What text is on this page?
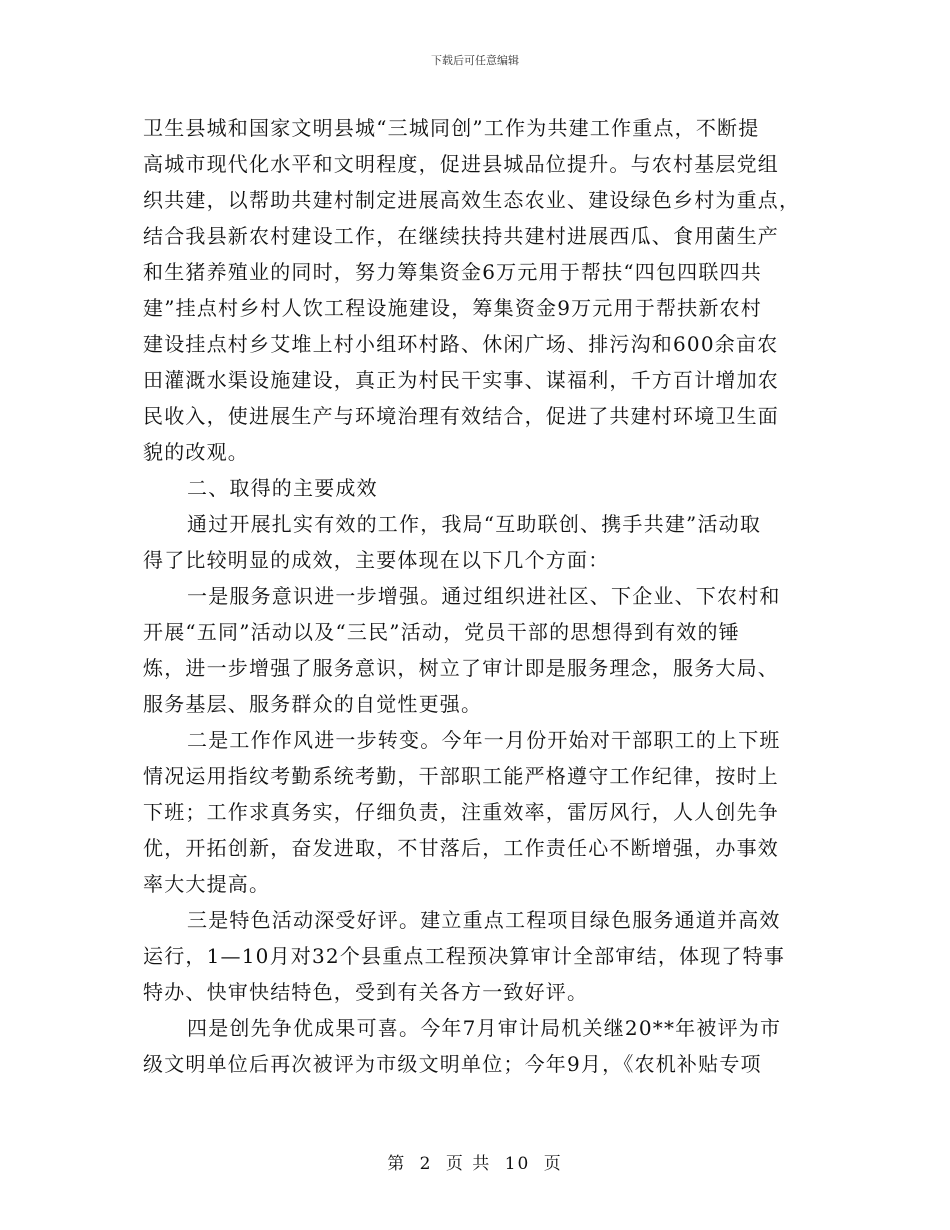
下载后可任意编辑
卫生县城和国家文明县城“三城同创”工作为共建工作重点，不断提
高城市现代化水平和文明程度，促进县城品位提升。与农村基层党组
织共建，以帮助共建村制定进展高效生态农业、建设绿色乡村为重点，
结合我县新农村建设工作，在继续扶持共建村进展西瓜、食用菌生产
和生猪养殖业的同时，努力筹集资金6万元用于帮扶“四包四联四共
建”挂点村乡村人饮工程设施建设，筹集资金9万元用于帮扶新农村
建设挂点村乡艾堆上村小组环村路、休闲广场、排污沟和600余亩农
田灌溉水渠设施建设，真正为村民干实事、谋福利，千方百计增加农
民收入，使进展生产与环境治理有效结合，促进了共建村环境卫生面
貌的改观。
二、取得的主要成效
通过开展扎实有效的工作，我局“互助联创、携手共建”活动取
得了比较明显的成效，主要体现在以下几个方面：
一是服务意识进一步增强。通过组织进社区、下企业、下农村和
开展“五同”活动以及“三民”活动，党员干部的思想得到有效的锤
炼，进一步增强了服务意识，树立了审计即是服务理念，服务大局、
服务基层、服务群众的自觉性更强。
二是工作作风进一步转变。今年一月份开始对干部职工的上下班
情况运用指纹考勤系统考勤，干部职工能严格遵守工作纪律，按时上
下班；工作求真务实，仔细负责，注重效率，雷厉风行，人人创先争
优，开拓创新，奋发进取，不甘落后，工作责任心不断增强，办事效
率大大提高。
三是特色活动深受好评。建立重点工程项目绿色服务通道并高效
运行，1—10月对32个县重点工程预决算审计全部审结，体现了特事
特办、快审快结特色，受到有关各方一致好评。
四是创先争优成果可喜。今年7月审计局机关继20**年被评为市
级文明单位后再次被评为市级文明单位；今年9月，《农机补贴专项
第 2 页 共 10 页
